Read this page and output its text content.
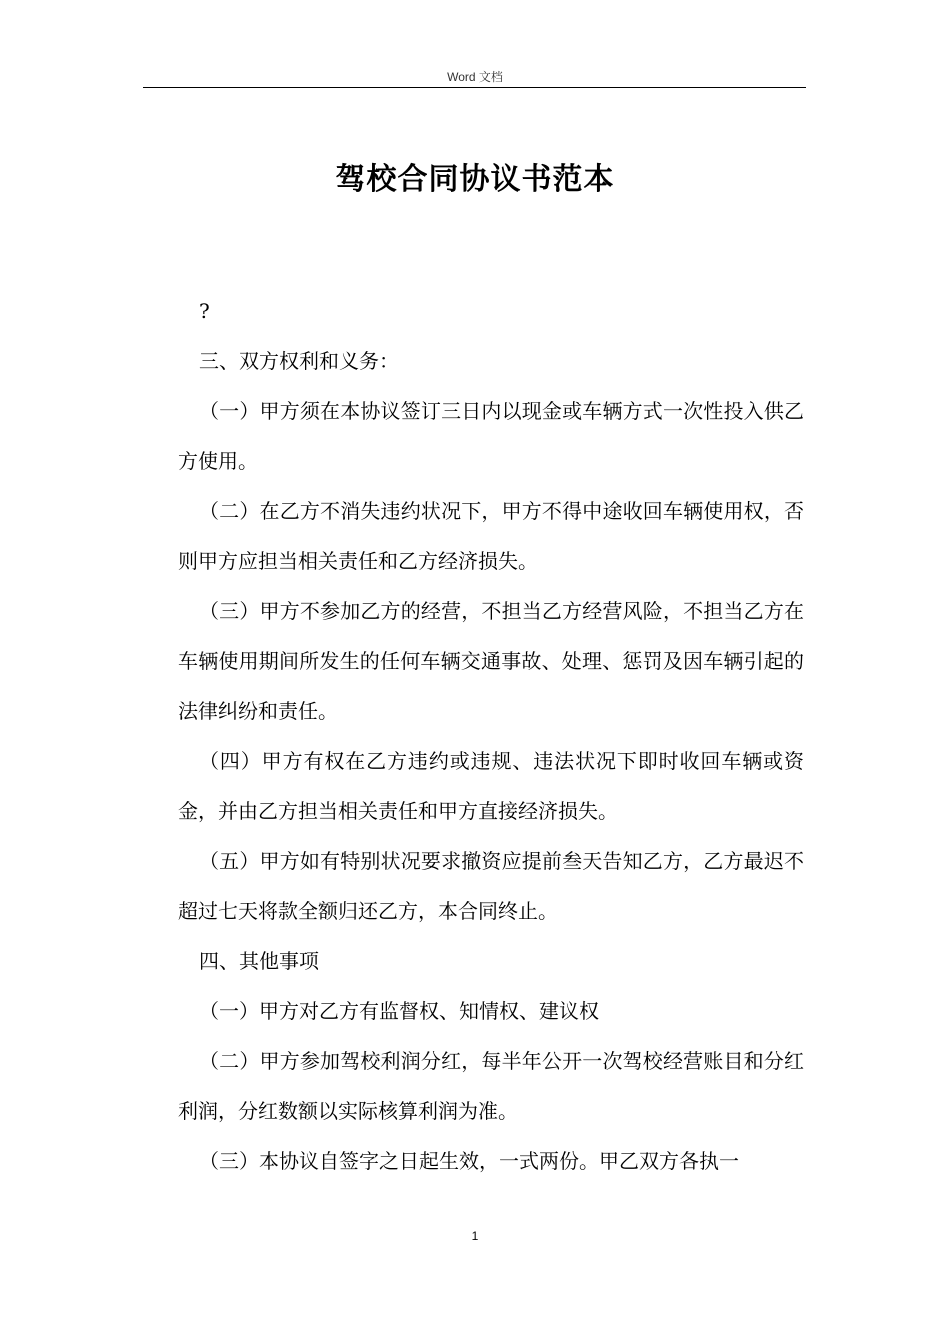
Word 文档
驾校合同协议书范本

?

三、双方权利和义务：

（一）甲方须在本协议签订三日内以现金或车辆方式一次性投入供乙方使用。

（二）在乙方不消失违约状况下，甲方不得中途收回车辆使用权，否则甲方应担当相关责任和乙方经济损失。

（三）甲方不参加乙方的经营，不担当乙方经营风险，不担当乙方在车辆使用期间所发生的任何车辆交通事故、处理、惩罚及因车辆引起的法律纠纷和责任。

（四）甲方有权在乙方违约或违规、违法状况下即时收回车辆或资金，并由乙方担当相关责任和甲方直接经济损失。

（五）甲方如有特别状况要求撤资应提前叁天告知乙方，乙方最迟不超过七天将款全额归还乙方，本合同终止。

四、其他事项

（一）甲方对乙方有监督权、知情权、建议权

（二）甲方参加驾校利润分红，每半年公开一次驾校经营账目和分红利润，分红数额以实际核算利润为准。

（三）本协议自签字之日起生效，一式两份。甲乙双方各执一

1
